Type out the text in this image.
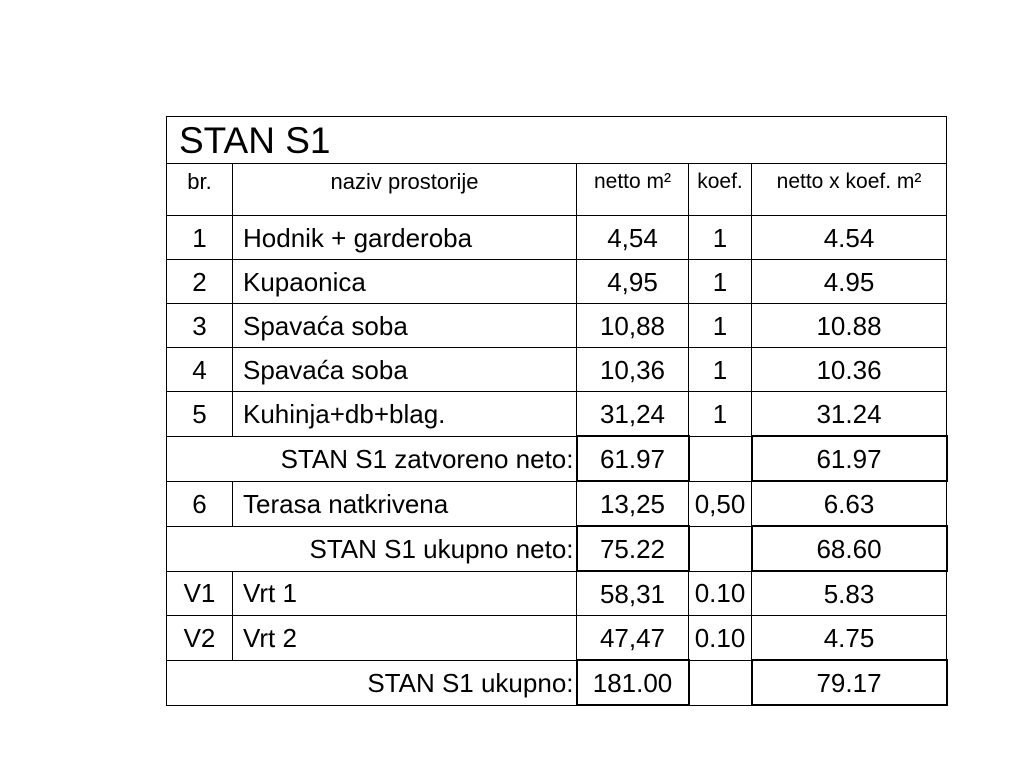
STAN S1				
br.	naziv prostorije	netto m²	koef.	netto x koef. m²
1	Hodnik + garderoba	4,54	1	4.54
2	Kupaonica	4,95	1	4.95
3	Spavaća soba	10,88	1	10.88
4	Spavaća soba	10,36	1	10.36
5	Kuhinja+db+blag.	31,24	1	31.24
STAN S1 zatvoreno neto:		61.97		61.97
6	Terasa natkrivena	13,25	0,50	6.63
STAN S1 ukupno neto:		75.22		68.60
V1	Vrt 1	58,31	0.10	5.83
V2	Vrt 2	47,47	0.10	4.75
STAN S1 ukupno:		181.00		79.17
